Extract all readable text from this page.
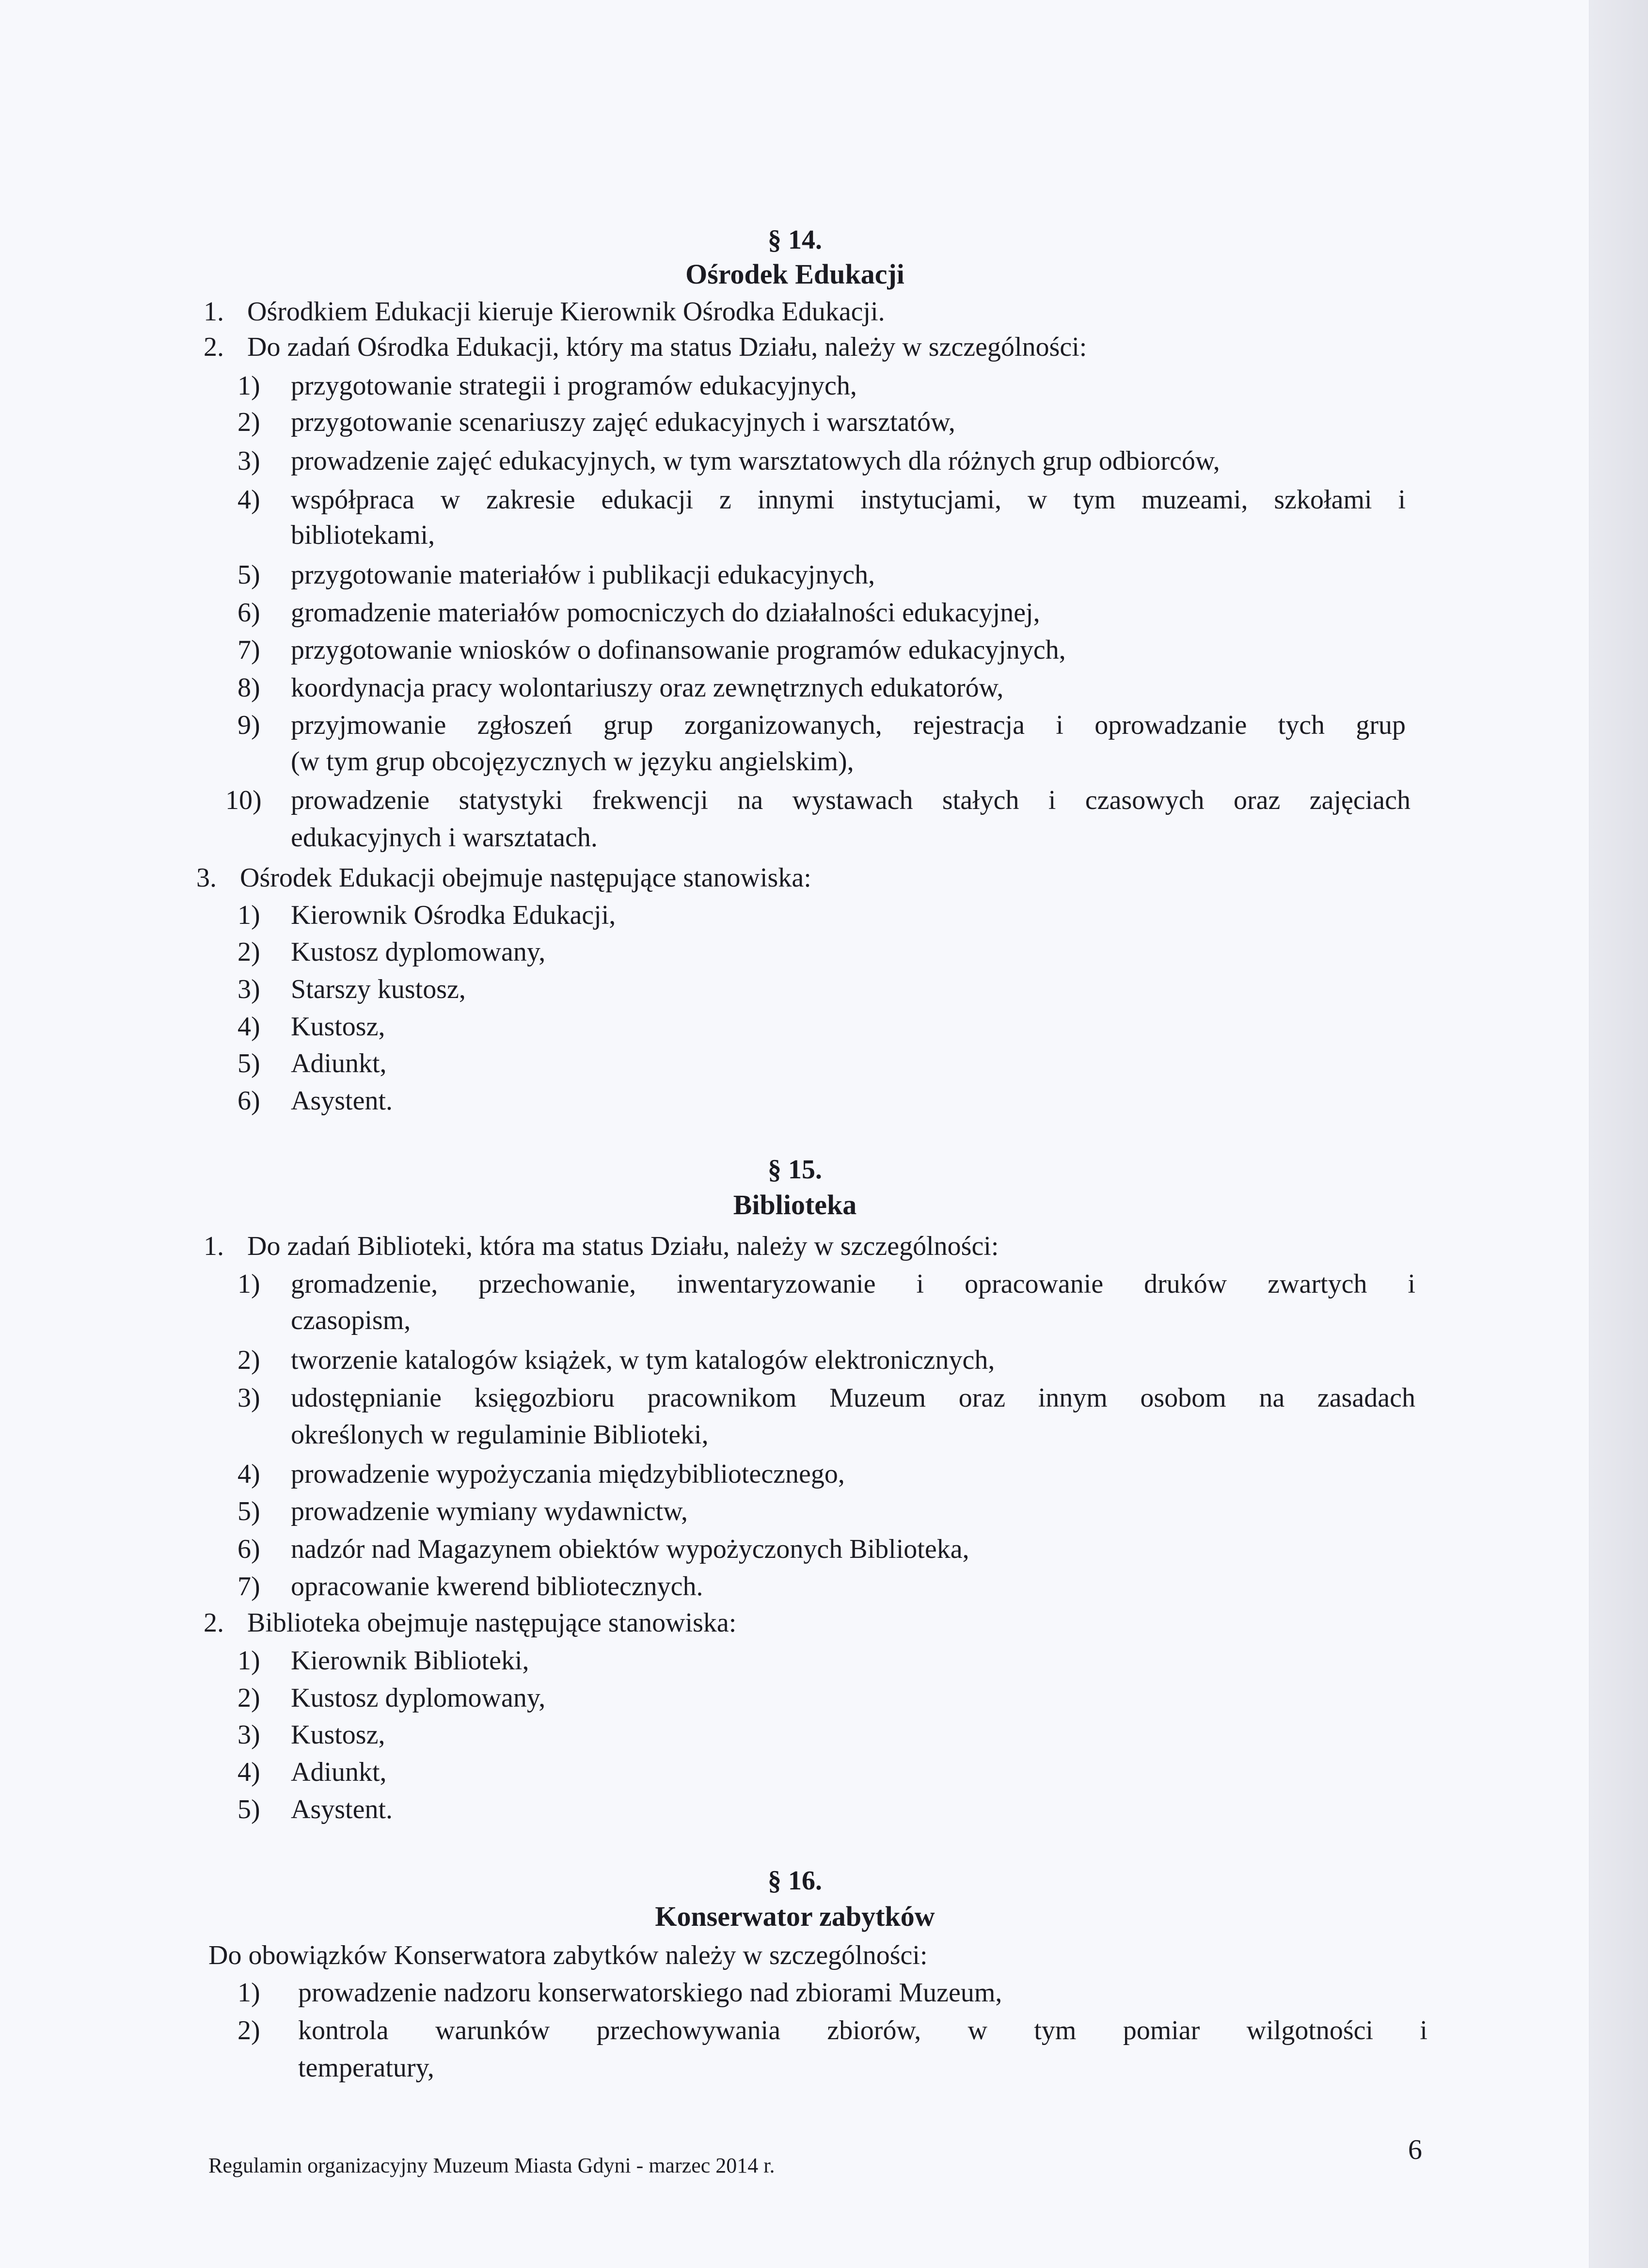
§ 14.
Ośrodek Edukacji
1. Ośrodkiem Edukacji kieruje Kierownik Ośrodka Edukacji.
2. Do zadań Ośrodka Edukacji, który ma status Działu, należy w szczególności:
1) przygotowanie strategii i programów edukacyjnych,
2) przygotowanie scenariuszy zajęć edukacyjnych i warsztatów,
3) prowadzenie zajęć edukacyjnych, w tym warsztatowych dla różnych grup odbiorców,
4) współpraca w zakresie edukacji z innymi instytucjami, w tym muzeami, szkołami i
bibliotekami,
5) przygotowanie materiałów i publikacji edukacyjnych,
6) gromadzenie materiałów pomocniczych do działalności edukacyjnej,
7) przygotowanie wniosków o dofinansowanie programów edukacyjnych,
8) koordynacja pracy wolontariuszy oraz zewnętrznych edukatorów,
9) przyjmowanie zgłoszeń grup zorganizowanych, rejestracja i oprowadzanie tych grup
(w tym grup obcojęzycznych w języku angielskim),
10) prowadzenie statystyki frekwencji na wystawach stałych i czasowych oraz zajęciach
edukacyjnych i warsztatach.
3. Ośrodek Edukacji obejmuje następujące stanowiska:
1) Kierownik Ośrodka Edukacji,
2) Kustosz dyplomowany,
3) Starszy kustosz,
4) Kustosz,
5) Adiunkt,
6) Asystent.
§ 15.
Biblioteka
1. Do zadań Biblioteki, która ma status Działu, należy w szczególności:
1) gromadzenie, przechowanie, inwentaryzowanie i opracowanie druków zwartych i
czasopism,
2) tworzenie katalogów książek, w tym katalogów elektronicznych,
3) udostępnianie księgozbioru pracownikom Muzeum oraz innym osobom na zasadach
określonych w regulaminie Biblioteki,
4) prowadzenie wypożyczania międzybibliotecznego,
5) prowadzenie wymiany wydawnictw,
6) nadzór nad Magazynem obiektów wypożyczonych Biblioteka,
7) opracowanie kwerend bibliotecznych.
2. Biblioteka obejmuje następujące stanowiska:
1) Kierownik Biblioteki,
2) Kustosz dyplomowany,
3) Kustosz,
4) Adiunkt,
5) Asystent.
§ 16.
Konserwator zabytków
Do obowiązków Konserwatora zabytków należy w szczególności:
1) prowadzenie nadzoru konserwatorskiego nad zbiorami Muzeum,
2) kontrola warunków przechowywania zbiorów, w tym pomiar wilgotności i
temperatury,
Regulamin organizacyjny Muzeum Miasta Gdyni - marzec 2014 r.
6
